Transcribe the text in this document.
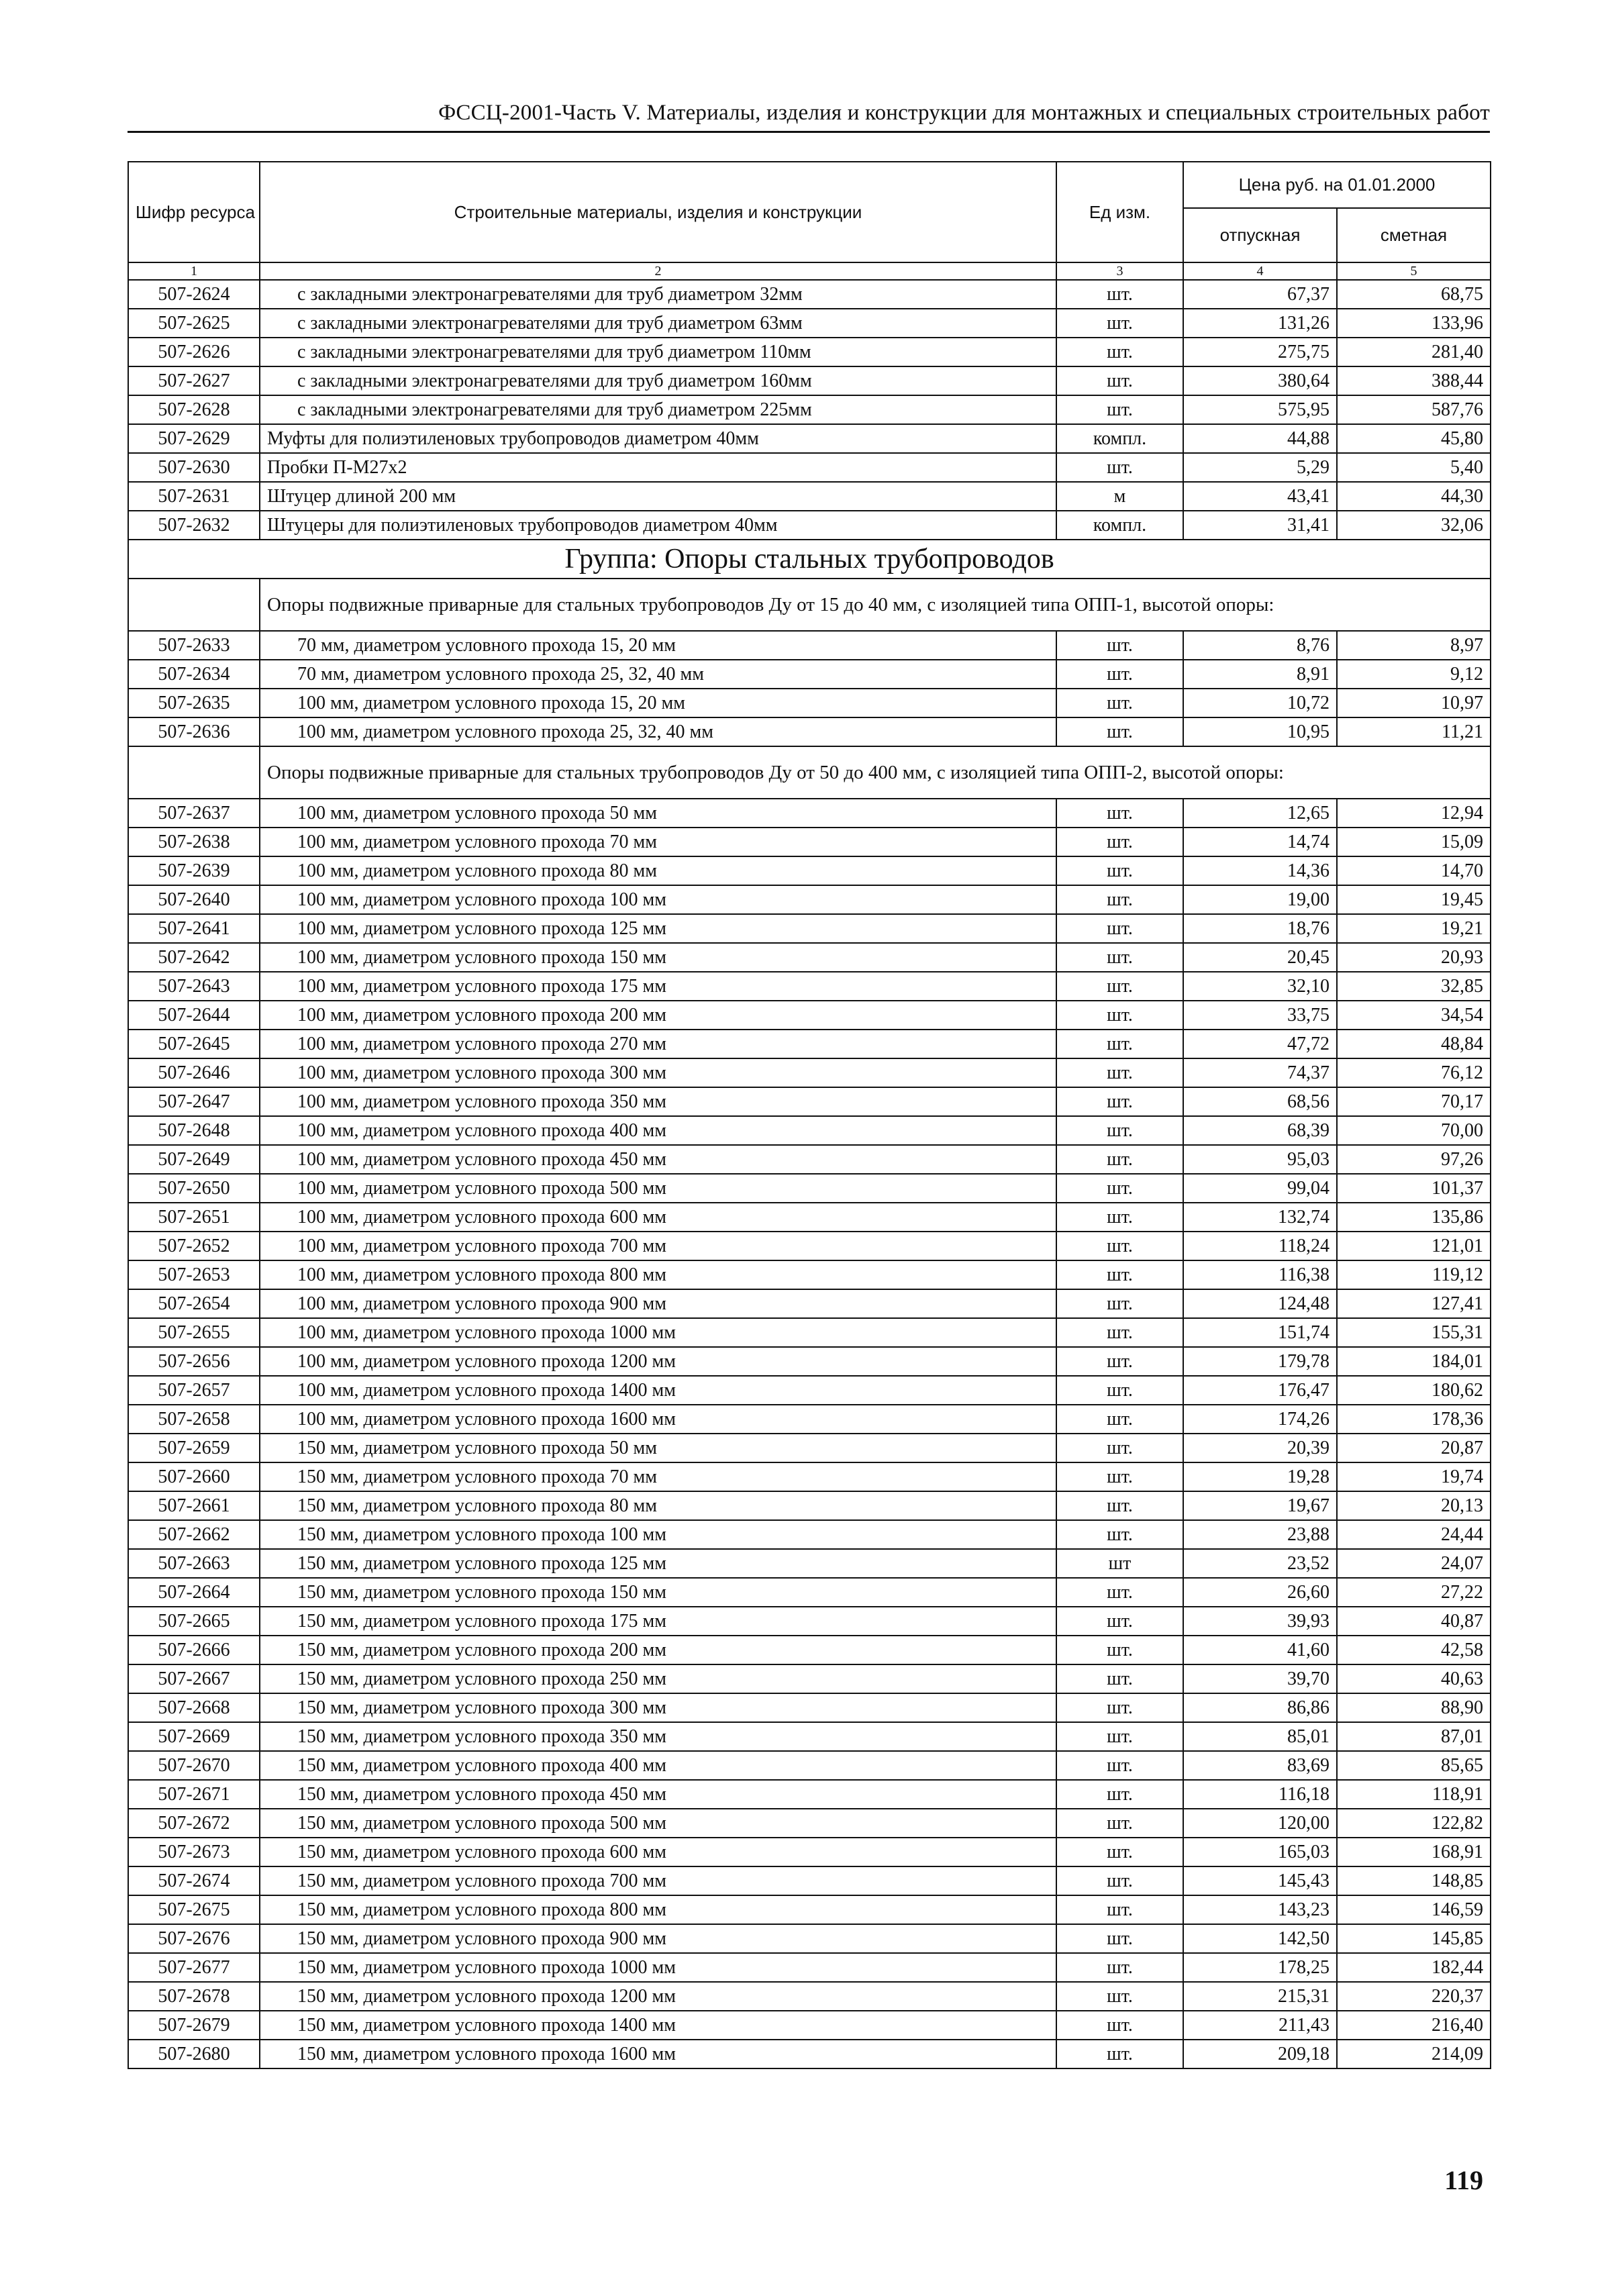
ФССЦ-2001-Часть V. Материалы, изделия и конструкции для монтажных и специальных строительных работ
Шифр ресурса	Строительные материалы, изделия и конструкции	Ед изм.	Цена руб. на 01.01.2000	
			отпускная	сметная
1	2	3	4	5
507-2624	с закладными электронагревателями для труб диаметром 32мм	шт.	67,37	68,75
507-2625	с закладными электронагревателями для труб диаметром 63мм	шт.	131,26	133,96
507-2626	с закладными электронагревателями для труб диаметром 110мм	шт.	275,75	281,40
507-2627	с закладными электронагревателями для труб диаметром 160мм	шт.	380,64	388,44
507-2628	с закладными электронагревателями для труб диаметром 225мм	шт.	575,95	587,76
507-2629	Муфты для полиэтиленовых трубопроводов диаметром 40мм	компл.	44,88	45,80
507-2630	Пробки П-М27х2	шт.	5,29	5,40
507-2631	Штуцер длиной 200 мм	м	43,41	44,30
507-2632	Штуцеры для полиэтиленовых трубопроводов диаметром 40мм	компл.	31,41	32,06
Группа: Опоры стальных трубопроводов				
	Опоры подвижные приварные для стальных трубопроводов Ду от 15 до 40 мм, с изоляцией типа ОПП-1, высотой опоры:			
507-2633	70 мм, диаметром условного прохода 15, 20 мм	шт.	8,76	8,97
507-2634	70 мм, диаметром условного прохода 25, 32, 40 мм	шт.	8,91	9,12
507-2635	100 мм, диаметром условного прохода 15, 20 мм	шт.	10,72	10,97
507-2636	100 мм, диаметром условного прохода 25, 32, 40 мм	шт.	10,95	11,21
	Опоры подвижные приварные для стальных трубопроводов Ду от 50 до 400 мм, с изоляцией типа ОПП-2, высотой опоры:			
507-2637	100 мм, диаметром условного прохода 50 мм	шт.	12,65	12,94
507-2638	100 мм, диаметром условного прохода 70 мм	шт.	14,74	15,09
507-2639	100 мм, диаметром условного прохода 80 мм	шт.	14,36	14,70
507-2640	100 мм, диаметром условного прохода 100 мм	шт.	19,00	19,45
507-2641	100 мм, диаметром условного прохода 125 мм	шт.	18,76	19,21
507-2642	100 мм, диаметром условного прохода 150 мм	шт.	20,45	20,93
507-2643	100 мм, диаметром условного прохода 175 мм	шт.	32,10	32,85
507-2644	100 мм, диаметром условного прохода 200 мм	шт.	33,75	34,54
507-2645	100 мм, диаметром условного прохода 270 мм	шт.	47,72	48,84
507-2646	100 мм, диаметром условного прохода 300 мм	шт.	74,37	76,12
507-2647	100 мм, диаметром условного прохода 350 мм	шт.	68,56	70,17
507-2648	100 мм, диаметром условного прохода 400 мм	шт.	68,39	70,00
507-2649	100 мм, диаметром условного прохода 450 мм	шт.	95,03	97,26
507-2650	100 мм, диаметром условного прохода 500 мм	шт.	99,04	101,37
507-2651	100 мм, диаметром условного прохода 600 мм	шт.	132,74	135,86
507-2652	100 мм, диаметром условного прохода 700 мм	шт.	118,24	121,01
507-2653	100 мм, диаметром условного прохода 800 мм	шт.	116,38	119,12
507-2654	100 мм, диаметром условного прохода 900 мм	шт.	124,48	127,41
507-2655	100 мм, диаметром условного прохода 1000 мм	шт.	151,74	155,31
507-2656	100 мм, диаметром условного прохода 1200 мм	шт.	179,78	184,01
507-2657	100 мм, диаметром условного прохода 1400 мм	шт.	176,47	180,62
507-2658	100 мм, диаметром условного прохода 1600 мм	шт.	174,26	178,36
507-2659	150 мм, диаметром условного прохода 50 мм	шт.	20,39	20,87
507-2660	150 мм, диаметром условного прохода 70 мм	шт.	19,28	19,74
507-2661	150 мм, диаметром условного прохода 80 мм	шт.	19,67	20,13
507-2662	150 мм, диаметром условного прохода 100 мм	шт.	23,88	24,44
507-2663	150 мм, диаметром условного прохода 125 мм	шт	23,52	24,07
507-2664	150 мм, диаметром условного прохода 150 мм	шт.	26,60	27,22
507-2665	150 мм, диаметром условного прохода 175 мм	шт.	39,93	40,87
507-2666	150 мм, диаметром условного прохода 200 мм	шт.	41,60	42,58
507-2667	150 мм, диаметром условного прохода 250 мм	шт.	39,70	40,63
507-2668	150 мм, диаметром условного прохода 300 мм	шт.	86,86	88,90
507-2669	150 мм, диаметром условного прохода 350 мм	шт.	85,01	87,01
507-2670	150 мм, диаметром условного прохода 400 мм	шт.	83,69	85,65
507-2671	150 мм, диаметром условного прохода 450 мм	шт.	116,18	118,91
507-2672	150 мм, диаметром условного прохода 500 мм	шт.	120,00	122,82
507-2673	150 мм, диаметром условного прохода 600 мм	шт.	165,03	168,91
507-2674	150 мм, диаметром условного прохода 700 мм	шт.	145,43	148,85
507-2675	150 мм, диаметром условного прохода 800 мм	шт.	143,23	146,59
507-2676	150 мм, диаметром условного прохода 900 мм	шт.	142,50	145,85
507-2677	150 мм, диаметром условного прохода 1000 мм	шт.	178,25	182,44
507-2678	150 мм, диаметром условного прохода 1200 мм	шт.	215,31	220,37
507-2679	150 мм, диаметром условного прохода 1400 мм	шт.	211,43	216,40
507-2680	150 мм, диаметром условного прохода 1600 мм	шт.	209,18	214,09
119
